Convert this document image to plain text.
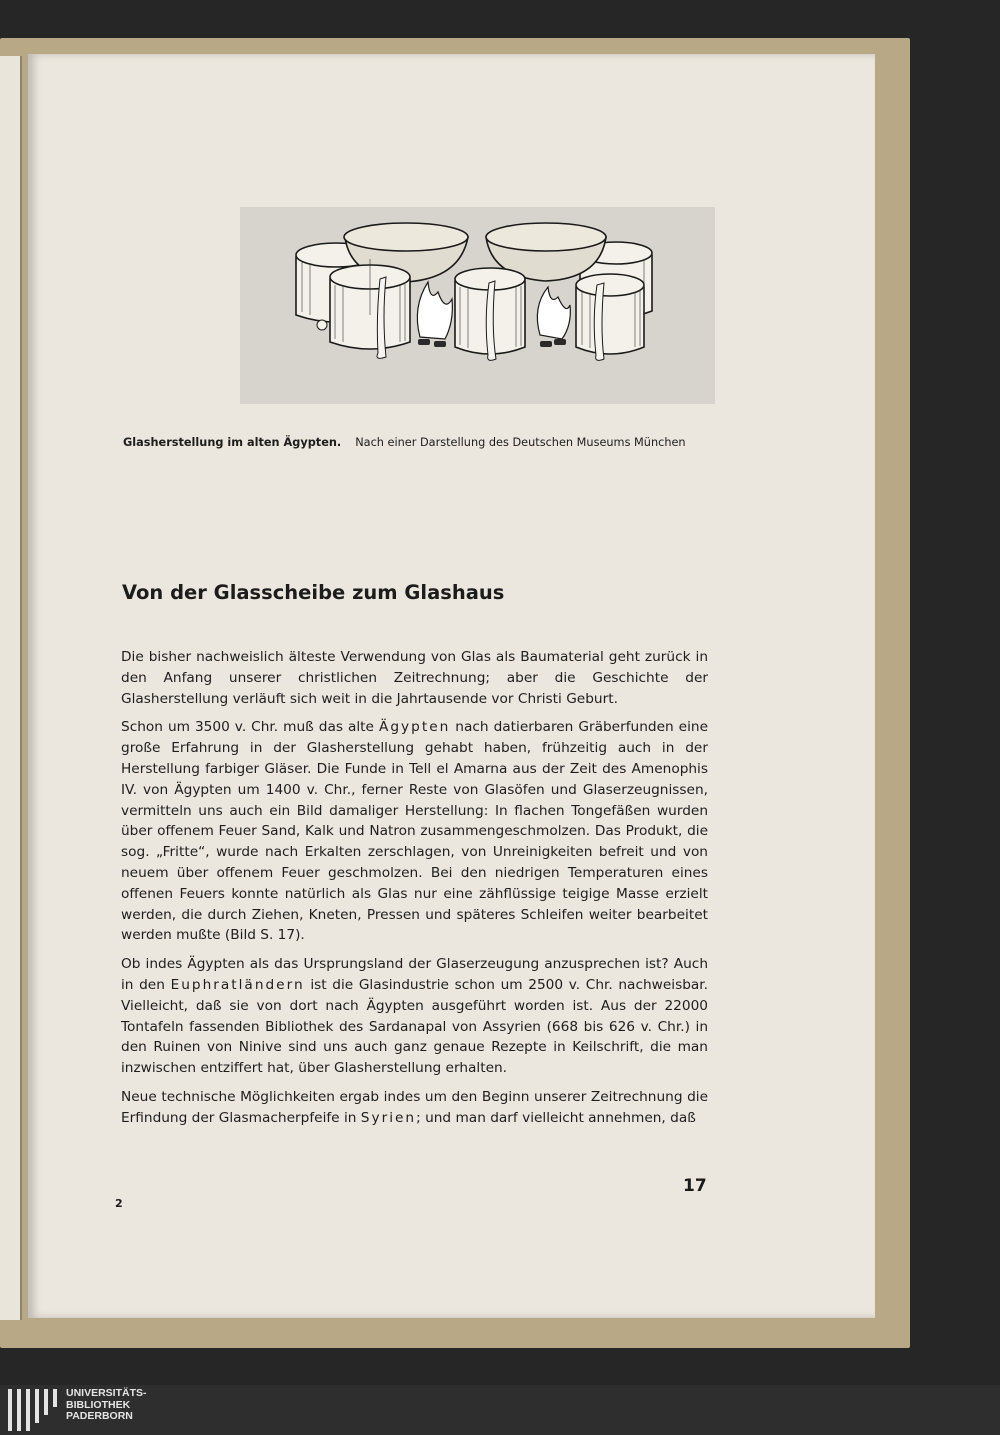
Glasherstellung im alten Ägypten. Nach einer Darstellung des Deutschen Museums München
Von der Glasscheibe zum Glashaus

Die bisher nachweislich älteste Verwendung von Glas als Baumaterial geht zurück in den Anfang unserer christlichen Zeitrechnung; aber die Geschichte der Glasherstellung verläuft sich weit in die Jahrtausende vor Christi Geburt.

Schon um 3500 v. Chr. muß das alte Ägypten nach datierbaren Gräberfunden eine große Erfahrung in der Glasherstellung gehabt haben, frühzeitig auch in der Herstellung farbiger Gläser. Die Funde in Tell el Amarna aus der Zeit des Amenophis IV. von Ägypten um 1400 v. Chr., ferner Reste von Glasöfen und Glaserzeugnissen, vermitteln uns auch ein Bild damaliger Herstellung: In flachen Tongefäßen wurden über offenem Feuer Sand, Kalk und Natron zusammengeschmolzen. Das Produkt, die sog. „Fritte“, wurde nach Erkalten zerschlagen, von Unreinigkeiten befreit und von neuem über offenem Feuer geschmolzen. Bei den niedrigen Temperaturen eines offenen Feuers konnte natürlich als Glas nur eine zähflüssige teigige Masse erzielt werden, die durch Ziehen, Kneten, Pressen und späteres Schleifen weiter bearbeitet werden mußte (Bild S. 17).

Ob indes Ägypten als das Ursprungsland der Glaserzeugung anzusprechen ist? Auch in den Euphratländern ist die Glasindustrie schon um 2500 v. Chr. nachweisbar. Vielleicht, daß sie von dort nach Ägypten ausgeführt worden ist. Aus der 22000 Tontafeln fassenden Bibliothek des Sardanapal von Assyrien (668 bis 626 v. Chr.) in den Ruinen von Ninive sind uns auch ganz genaue Rezepte in Keilschrift, die man inzwischen entziffert hat, über Glasherstellung erhalten.

Neue technische Möglichkeiten ergab indes um den Beginn unserer Zeitrechnung die Erfindung der Glasmacherpfeife in Syrien; und man darf vielleicht annehmen, daß

17
2
UNIVERSITÄTS-
BIBLIOTHEK
PADERBORN
